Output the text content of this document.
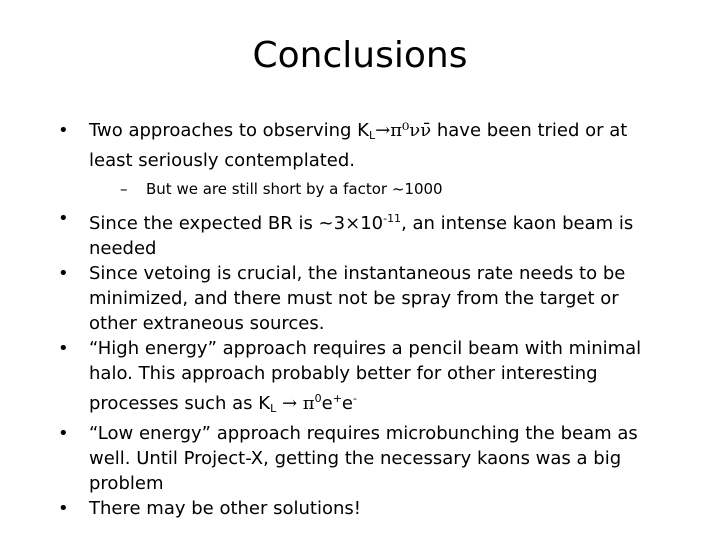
Conclusions
•	Two approaches to observing $K_L\to\pi^0\nu\nū$ have been tried or at least seriously contemplated.
– But we are still short by a factor ~1000
•	Since the expected BR is $\sim 3\times 10^{-11}$, an intense kaon beam is needed
•	Since vetoing is crucial, the instantaneous rate needs to be minimized, and there must not be spray from the target or other extraneous sources.
•	“High energy” approach requires a pencil beam with minimal halo. This approach probably better for other interesting processes such as $K_L \to \pi^0e^+e^-$
•	“Low energy” approach requires microbunching the beam as well. Until Project-X, getting the necessary kaons was a big problem
•	There may be other solutions!
